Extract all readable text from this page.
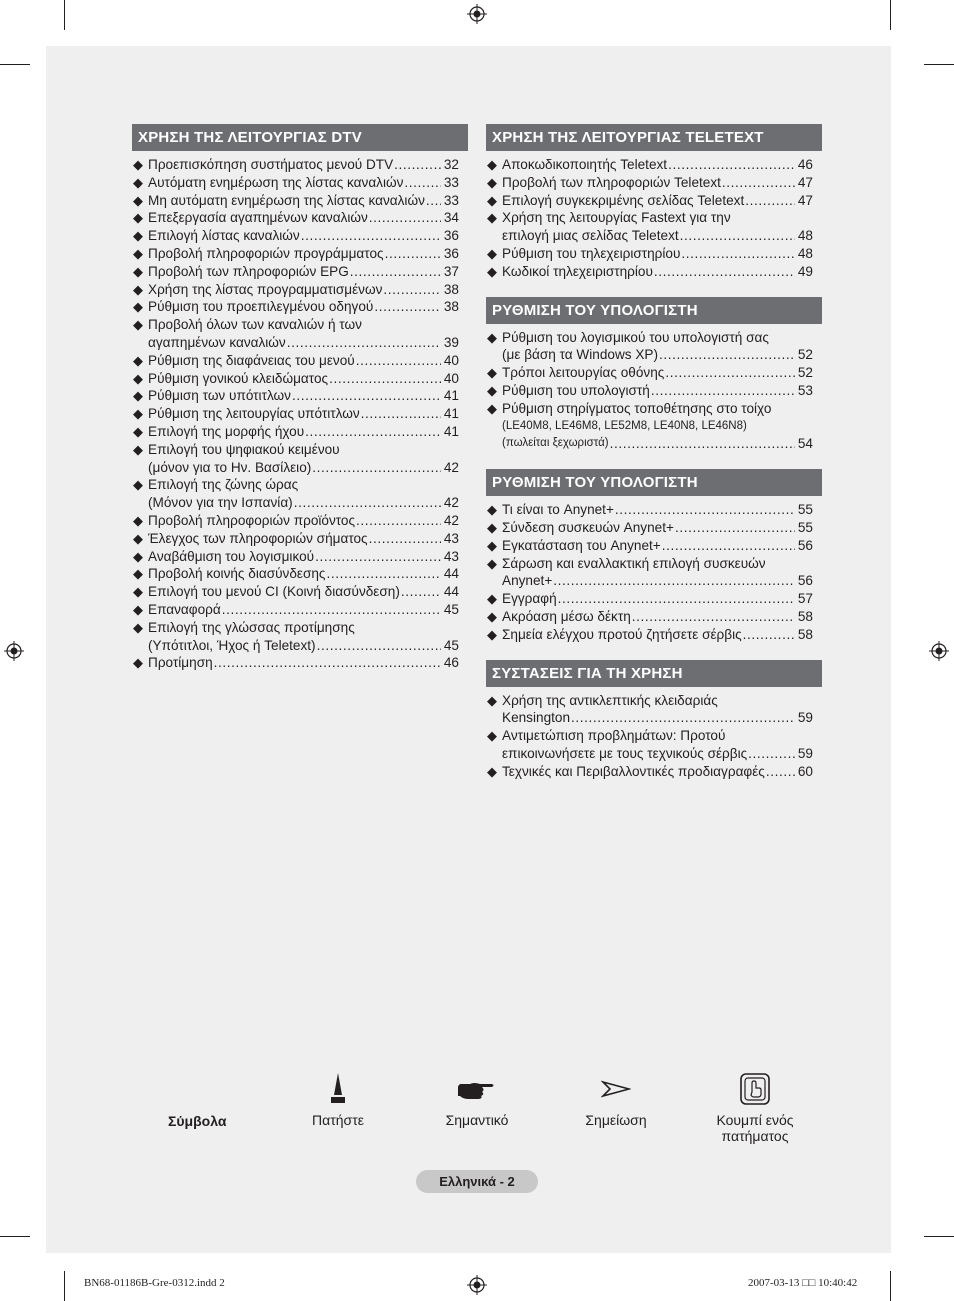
ΧΡΗΣΗ ΤΗΣ ΛΕΙΤΟΥΡΓΙΑΣ DTV
◆ Προεπισκόπηση συστήματος μενού DTV .....	32
◆ Αυτόματη ενημέρωση της λίστας καναλιών .....	33
◆ Μη αυτόματη ενημέρωση της λίστας καναλιών ..... 33
◆ Επεξεργασία αγαπημένων καναλιών .....	34
◆ Επιλογή λίστας καναλιών .....	36
◆ Προβολή πληροφοριών προγράμματος .....	36
◆ Προβολή των πληροφοριών EPG .....	37
◆ Χρήση της λίστας προγραμματισμένων .....	38
◆ Ρύθμιση του προεπιλεγμένου οδηγού .....	38
◆ Προβολή όλων των καναλιών ή των
αγαπημένων καναλιών .....	39
◆ Ρύθμιση της διαφάνειας του μενού .....	40
◆ Ρύθμιση γονικού κλειδώματος .....	40
◆ Ρύθμιση των υπότιτλων .....	41
◆ Ρύθμιση της λειτουργίας υπότιτλων .....	41
◆ Επιλογή της μορφής ήχου .....	41
◆ Επιλογή του ψηφιακού κειμένου
(μόνον για το Ην. Βασίλειο) .....	42
◆ Επιλογή της ζώνης ώρας
(Μόνον για την Ισπανία) .....	42
◆ Προβολή πληροφοριών προϊόντος .....	42
◆ Έλεγχος των πληροφοριών σήματος .....	43
◆ Αναβάθμιση του λογισμικού .....	43
◆ Προβολή κοινής διασύνδεσης .....	44
◆ Επιλογή του μενού CI (Κοινή διασύνδεση) .....	44
◆ Επαναφορά .....	45
◆ Επιλογή της γλώσσας προτίμησης
(Υπότιτλοι, Ήχος ή Teletext) .....	45
◆ Προτίμηση .....	46
ΧΡΗΣΗ ΤΗΣ ΛΕΙΤΟΥΡΓΙΑΣ TELETEXT
◆ Αποκωδικοποιητής Teletext .....	46
◆ Προβολή των πληροφοριών Teletext .....	47
◆ Επιλογή συγκεκριμένης σελίδας Teletext .....	47
◆ Χρήση της λειτουργίας Fastext για την
επιλογή μιας σελίδας Teletext .....	48
◆ Ρύθμιση του τηλεχειριστηρίου .....	48
◆ Κωδικοί τηλεχειριστηρίου .....	49
ΡΥΘΜΙΣΗ ΤΟΥ ΥΠΟΛΟΓΙΣΤΗ
◆ Ρύθμιση του λογισμικού του υπολογιστή σας
(με βάση τα Windows XP) .....	52
◆ Τρόποι λειτουργίας οθόνης .....	52
◆ Ρύθμιση του υπολογιστή .....	53
◆ Ρύθμιση στηρίγματος τοποθέτησης στο τοίχο
(LE40M8, LE46M8, LE52M8, LE40N8, LE46N8)
(πωλείται ξεχωριστά) .....	54
ΡΥΘΜΙΣΗ ΤΟΥ ΥΠΟΛΟΓΙΣΤΗ
◆ Τι είναι το Anynet+ .....	55
◆ Σύνδεση συσκευών Anynet+ .....	55
◆ Εγκατάσταση του Anynet+ .....	56
◆ Σάρωση και εναλλακτική επιλογή συσκευών
Anynet+ .....	56
◆ Εγγραφή .....	57
◆ Ακρόαση μέσω δέκτη .....	58
◆ Σημεία ελέγχου προτού ζητήσετε σέρβις .....	58
ΣΥΣΤΑΣΕΙΣ ΓΙΑ ΤΗ ΧΡΗΣΗ
◆ Χρήση της αντικλεπτικής κλειδαριάς
Kensington .....	59
◆ Αντιμετώπιση προβλημάτων: Προτού
επικοινωνήσετε με τους τεχνικούς σέρβις .....	59
◆ Τεχνικές και Περιβαλλοντικές προδιαγραφές ..... 60
Σύμβολα	Πατήστε	Σημαντικό	Σημείωση	Κουμπί ενός πατήματος
Ελληνικά - 2
BN68-01186B-Gre-0312.indd 2	2007-03-13 □□ 10:40:42
